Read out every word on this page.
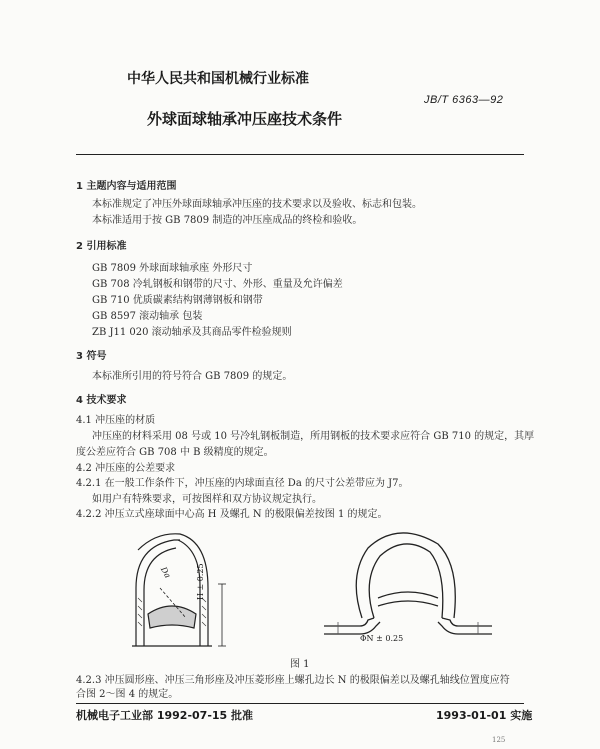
中华人民共和国机械行业标准
JB/T 6363—92
外球面球轴承冲压座技术条件
1 主题内容与适用范围
本标准规定了冲压外球面球轴承冲压座的技术要求以及验收、标志和包装。
本标准适用于按 GB 7809 制造的冲压座成品的终检和验收。
2 引用标准
GB 7809 外球面球轴承座 外形尺寸
GB 708 冷轧钢板和钢带的尺寸、外形、重量及允许偏差
GB 710 优质碳素结构钢薄钢板和钢带
GB 8597 滚动轴承 包装
ZB J11 020 滚动轴承及其商品零件检验规则
3 符号
本标准所引用的符号符合 GB 7809 的规定。
4 技术要求
4.1 冲压座的材质
冲压座的材料采用 08 号或 10 号冷轧钢板制造，所用钢板的技术要求应符合 GB 710 的规定，其厚
度公差应符合 GB 708 中 B 级精度的规定。
4.2 冲压座的公差要求
4.2.1 在一般工作条件下，冲压座的内球面直径 Da 的尺寸公差带应为 J7。
如用户有特殊要求，可按图样和双方协议规定执行。
4.2.2 冲压立式座球面中心高 H 及螺孔 N 的极限偏差按图 1 的规定。
Da	H ± 0.25
ΦN ± 0.25
图 1
4.2.3 冲压圆形座、冲压三角形座及冲压菱形座上螺孔边长 N 的极限偏差以及螺孔轴线位置度应符
合图 2～图 4 的规定。
机械电子工业部 1992-07-15 批准	1993-01-01 实施
125
